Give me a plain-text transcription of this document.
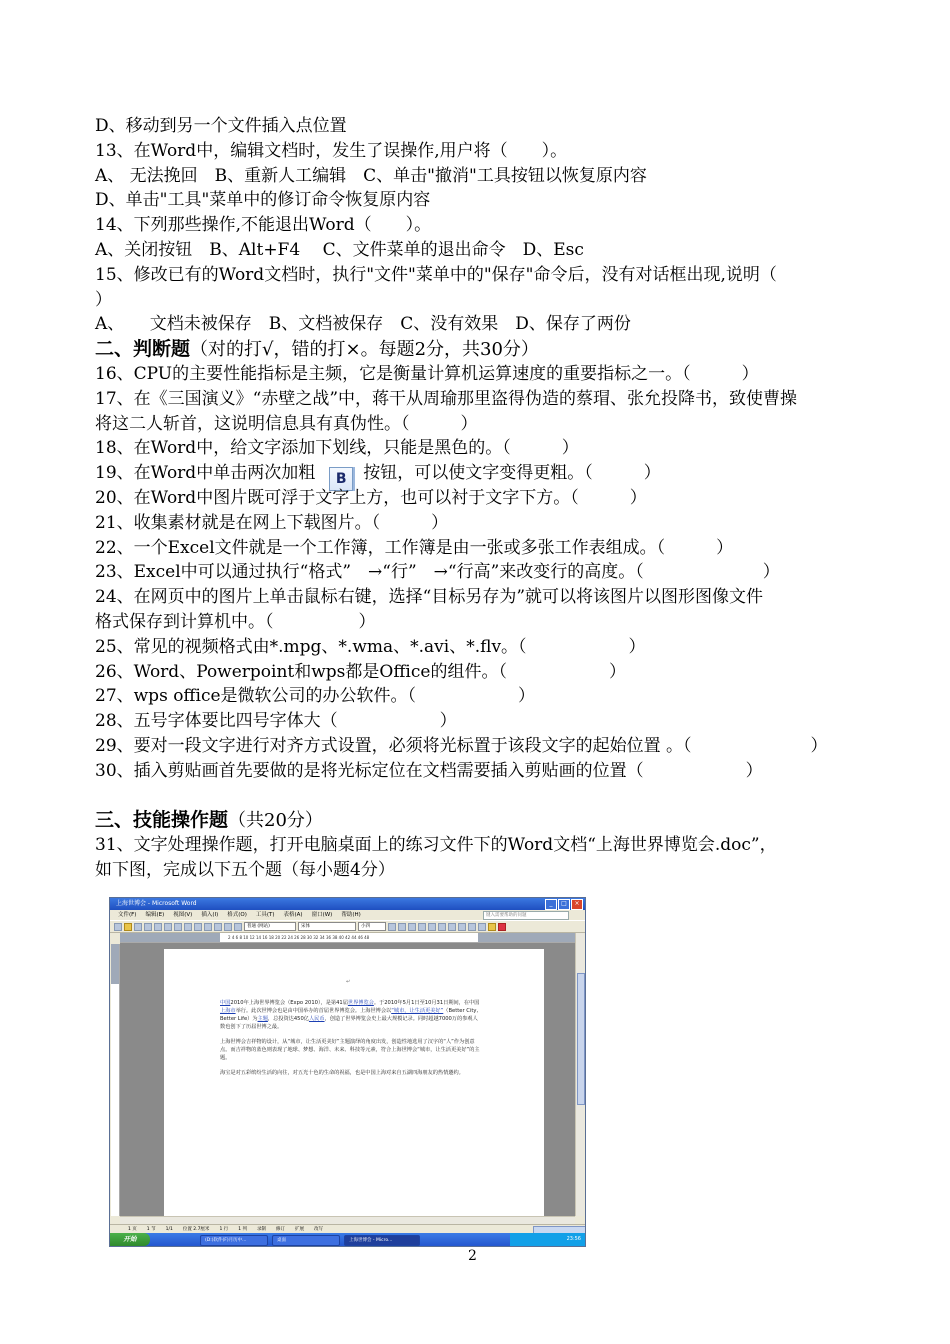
D、移动到另一个文件插入点位置
13、在Word中，编辑文档时，发生了误操作,用户将（　　）。
A、 无法挽回　B、重新人工编辑　C、单击"撤消"工具按钮以恢复原内容
D、单击"工具"菜单中的修订命令恢复原内容
14、下列那些操作,不能退出Word（　　）。
A、关闭按钮　B、Alt+F4　 C、文件菜单的退出命令　D、Esc
15、修改已有的Word文档时，执行"文件"菜单中的"保存"命令后，没有对话框出现,说明（
）
A、　　文档未被保存　B、文档被保存　C、没有效果　D、保存了两份
二、判断题（对的打√，错的打×。每题2分，共30分）
16、CPU的主要性能指标是主频，它是衡量计算机运算速度的重要指标之一。（　　　）
17、在《三国演义》“赤壁之战”中，蒋干从周瑜那里盗得伪造的蔡瑁、张允投降书，致使曹操
将这二人斩首，这说明信息具有真伪性。（　　　）
18、在Word中，给文字添加下划线，只能是黑色的。（　　　）
19、在Word中单击两次加粗 B 按钮，可以使文字变得更粗。（　　　）
20、在Word中图片既可浮于文字上方，也可以衬于文字下方。（　　　）
21、收集素材就是在网上下载图片。（　　　）
22、一个Excel文件就是一个工作簿，工作簿是由一张或多张工作表组成。（　　　）
23、Excel中可以通过执行“格式”　→“行”　→“行高”来改变行的高度。（　　　　　　　）
24、在网页中的图片上单击鼠标右键，选择“目标另存为”就可以将该图片以图形图像文件
格式保存到计算机中。（　　　　　）
25、常见的视频格式由*.mpg、*.wma、*.avi、*.flv。（　　　　　　）
26、Word、Powerpoint和wps都是Office的组件。（　　　　　　）
27、wps office是微软公司的办公软件。（　　　　　　）
28、五号字体要比四号字体大（　　　　　　）
29、要对一段文字进行对齐方式设置，必须将光标置于该段文字的起始位置 。（　　　　　　　）
30、插入剪贴画首先要做的是将光标定位在文档需要插入剪贴画的位置（　　　　　　）
三、技能操作题（共20分）
31、文字处理操作题，打开电脑桌面上的练习文件下的Word文档“上海世界博览会.doc”，
如下图，完成以下五个题（每小题4分）
上海世博会 - Microsoft Word	_	□	×
文件(F) 编辑(E) 视图(V) 插入(I) 格式(O) 工具(T) 表格(A) 窗口(W) 帮助(H)	键入需要帮助的问题
普通 (网站)	宋体	小四
2 4 6 8 10 12 14 16 18 20 22 24 26 28 30 32 34 36 38 40 42 44 46 48
↵

中国2010年上海世界博览会（Expo 2010），是第41届世界博览会。于2010年5月1日至10月31日期间，在中国上海市举行。此次世博会也是由中国举办的首届世界博览会。上海世博会以“城市，让生活更美好”（Better City, Better Life）为主题，总投资达450亿人民币，创造了世界博览会史上最大规模记录。同时超越7000万的参观人数也创下了历届世博之最。

上海世博会吉祥物的设计，从“城市，让生活更美好”主题演绎的角度出发，创造性地选用了汉字的“人”作为创意点。而吉祥物的蓝色则表现了地球、梦想、海洋、未来、科技等元素，符合上海世博会“城市，让生活更美好”的主题。

海宝是对五彩缤纷生活的向往，对五光十色的生命的祝福，也是中国上海对来自五湖四海朋友的热情邀约。

1 页 1 节 1/1 位置 2.7厘米 1 行 1 列 录制 修订 扩展 改写
开始	(D:)软件(F)月历中...	桌面	上海世博会 - Micro...	23:56
2
